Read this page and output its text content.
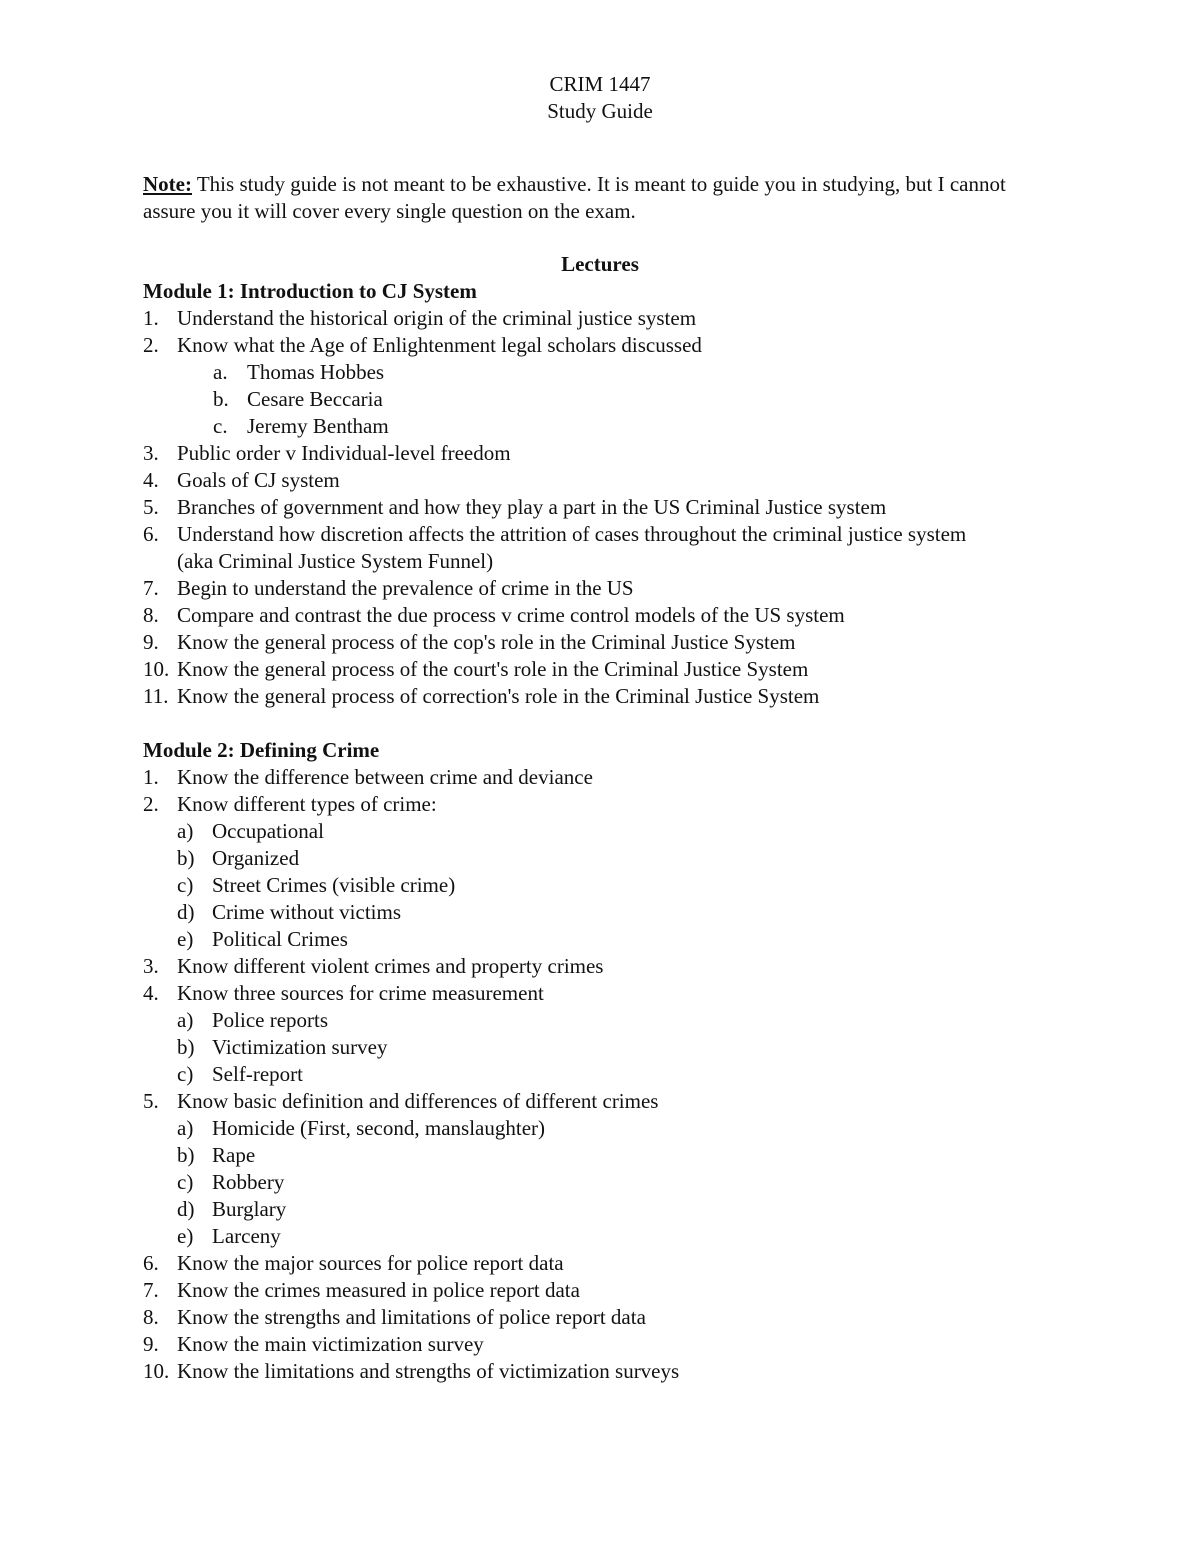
CRIM 1447
Study Guide
Note: This study guide is not meant to be exhaustive. It is meant to guide you in studying, but I cannot assure you it will cover every single question on the exam.
Lectures
Module 1: Introduction to CJ System
1. Understand the historical origin of the criminal justice system
2. Know what the Age of Enlightenment legal scholars discussed
a. Thomas Hobbes
b. Cesare Beccaria
c. Jeremy Bentham
3. Public order v Individual-level freedom
4. Goals of CJ system
5. Branches of government and how they play a part in the US Criminal Justice system
6. Understand how discretion affects the attrition of cases throughout the criminal justice system (aka Criminal Justice System Funnel)
7. Begin to understand the prevalence of crime in the US
8. Compare and contrast the due process v crime control models of the US system
9. Know the general process of the cop's role in the Criminal Justice System
10. Know the general process of the court's role in the Criminal Justice System
11. Know the general process of correction's role in the Criminal Justice System
Module 2: Defining Crime
1. Know the difference between crime and deviance
2. Know different types of crime:
a) Occupational
b) Organized
c) Street Crimes (visible crime)
d) Crime without victims
e) Political Crimes
3. Know different violent crimes and property crimes
4. Know three sources for crime measurement
a) Police reports
b) Victimization survey
c) Self-report
5. Know basic definition and differences of different crimes
a) Homicide (First, second, manslaughter)
b) Rape
c) Robbery
d) Burglary
e) Larceny
6. Know the major sources for police report data
7. Know the crimes measured in police report data
8. Know the strengths and limitations of police report data
9. Know the main victimization survey
10. Know the limitations and strengths of victimization surveys
